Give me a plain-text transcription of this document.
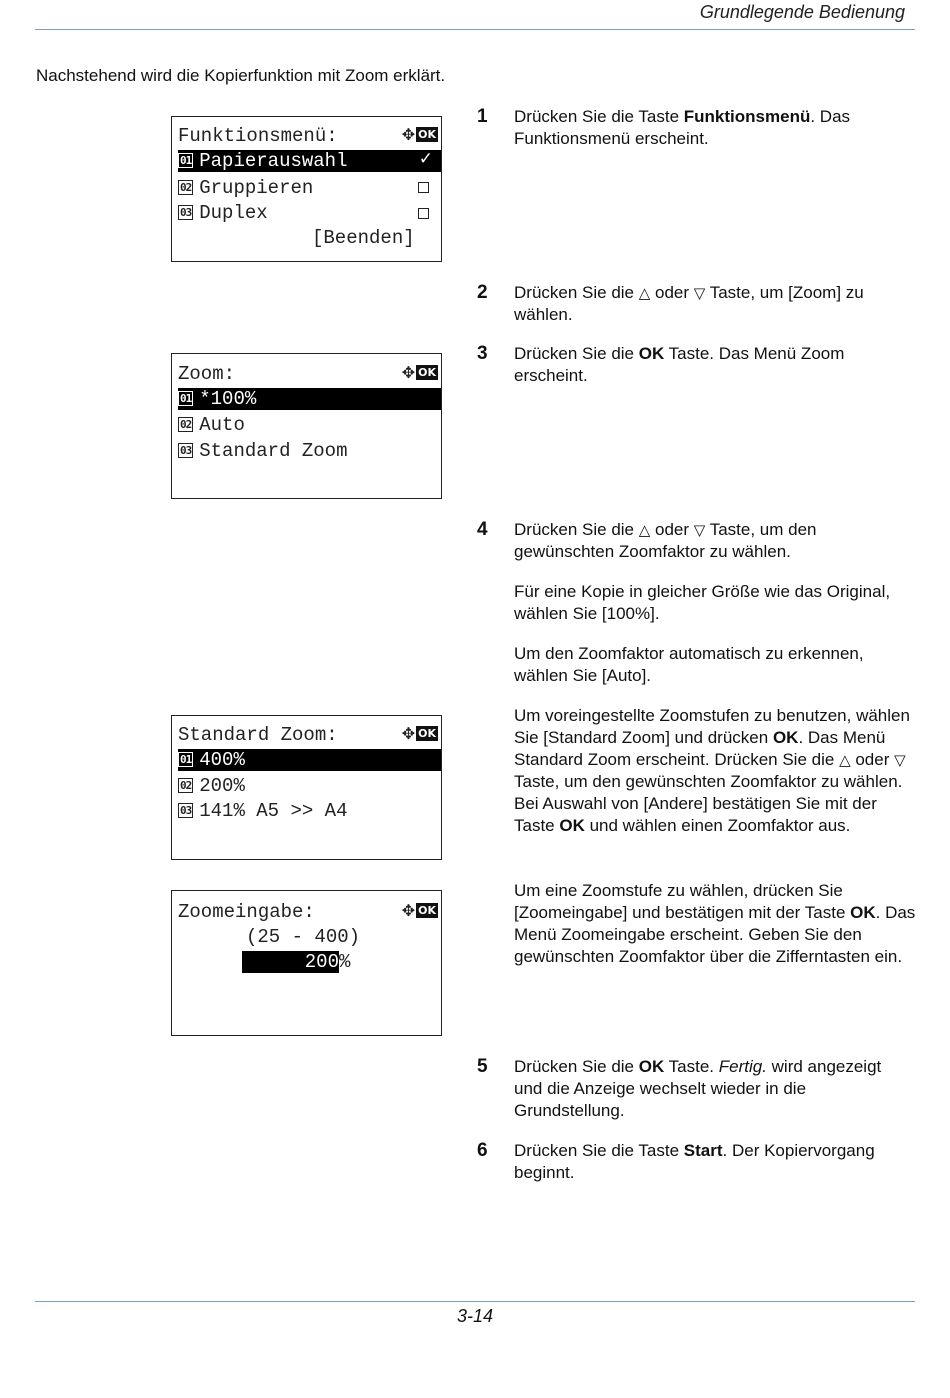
Grundlegende Bedienung
Nachstehend wird die Kopierfunktion mit Zoom erklärt.
Funktionsmenü:	✥ OK
01 Papierauswahl	✓
02 Gruppieren
03 Duplex
[Beenden]
Zoom:	✥ OK
01 *100%
02 Auto
03 Standard Zoom
Standard Zoom:	✥ OK
01 400%
02 200%
03 141% A5 >> A4
Zoomeingabe:	✥ OK
(25 - 400)
200%
1 Drücken Sie die Taste Funktionsmenü. Das Funktionsmenü erscheint.
2 Drücken Sie die △ oder ▽ Taste, um [Zoom] zu wählen.
3 Drücken Sie die OK Taste. Das Menü Zoom erscheint.
4 Drücken Sie die △ oder ▽ Taste, um den gewünschten Zoomfaktor zu wählen.
Für eine Kopie in gleicher Größe wie das Original, wählen Sie [100%].
Um den Zoomfaktor automatisch zu erkennen, wählen Sie [Auto].
Um voreingestellte Zoomstufen zu benutzen, wählen Sie [Standard Zoom] und drücken OK. Das Menü Standard Zoom erscheint. Drücken Sie die △ oder ▽ Taste, um den gewünschten Zoomfaktor zu wählen. Bei Auswahl von [Andere] bestätigen Sie mit der Taste OK und wählen einen Zoomfaktor aus.
Um eine Zoomstufe zu wählen, drücken Sie [Zoomeingabe] und bestätigen mit der Taste OK. Das Menü Zoomeingabe erscheint. Geben Sie den gewünschten Zoomfaktor über die Zifferntasten ein.
5 Drücken Sie die OK Taste. Fertig. wird angezeigt und die Anzeige wechselt wieder in die Grundstellung.
6 Drücken Sie die Taste Start. Der Kopiervorgang beginnt.
3-14
